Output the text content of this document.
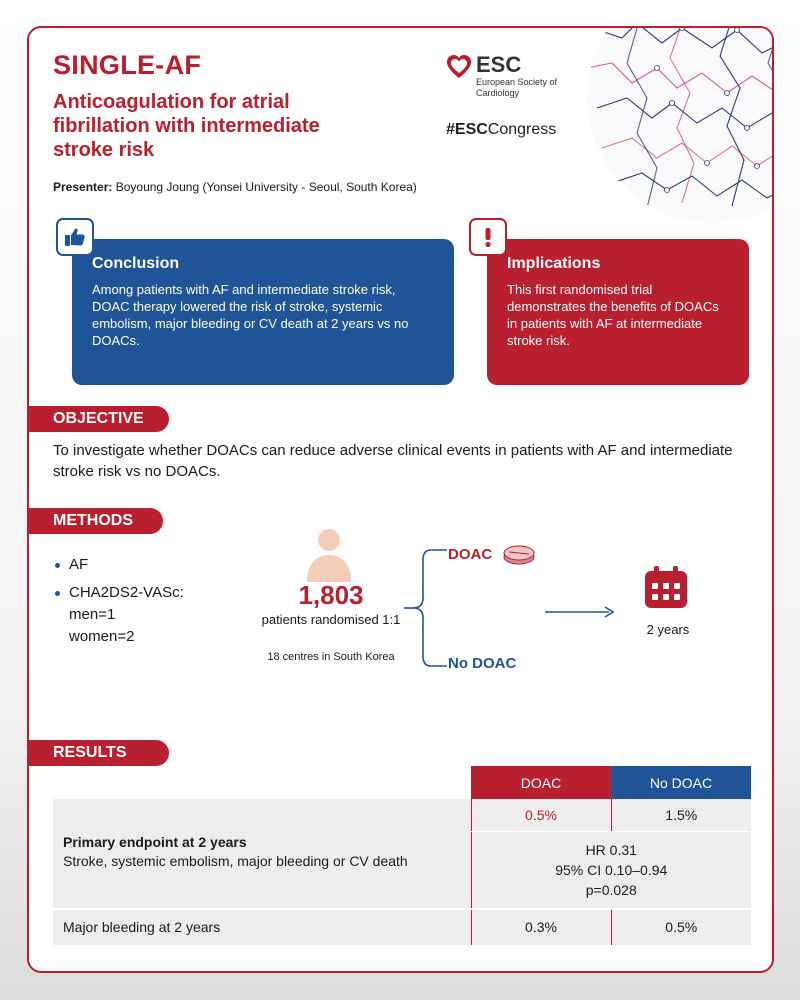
SINGLE-AF
Anticoagulation for atrial fibrillation with intermediate stroke risk
Presenter: Boyoung Joung (Yonsei University - Seoul, South Korea)
ESC
European Society of Cardiology
#ESCCongress
Conclusion

Among patients with AF and intermediate stroke risk, DOAC therapy lowered the risk of stroke, systemic embolism, major bleeding or CV death at 2 years vs no DOACs.

Implications

This first randomised trial demonstrates the benefits of DOACs in patients with AF at intermediate stroke risk.

OBJECTIVE
To investigate whether DOACs can reduce adverse clinical events in patients with AF and intermediate stroke risk vs no DOACs.
METHODS
AF
CHA2DS2-VASc:
men=1
women=2
1,803
patients randomised 1:1
18 centres in South Korea
DOAC
No DOAC
2 years
RESULTS
	DOAC	No DOAC

Primary endpoint at 2 years
Stroke, systemic embolism, major bleeding or CV death	0.5%	1.5%

	HR 0.31
95% CI 0.10–0.94
p=0.028	

Major bleeding at 2 years	0.3%	0.5%
